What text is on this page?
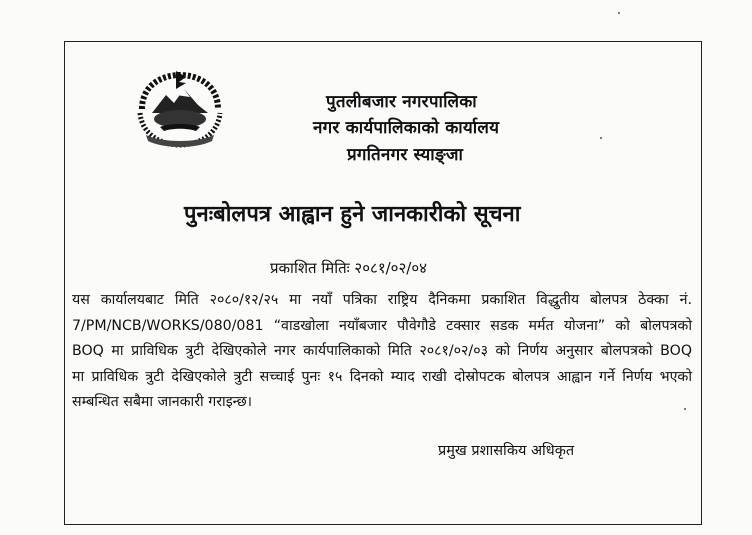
पुतलीबजार नगरपालिका
नगर कार्यपालिकाको कार्यालय
प्रगतिनगर स्याङ्जा
पुनःबोलपत्र आह्वान हुने जानकारीको सूचना
प्रकाशित मितिः २०८१/०२/०४
यस कार्यालयबाट मिति २०८०/१२/२५ मा नयाँ पत्रिका राष्ट्रिय दैनिकमा प्रकाशित विद्धुतीय बोलपत्र ठेक्का नं.
7/PM/NCB/WORKS/080/081 “वाडखोला नयाँबजार पौवेगौडे टक्सार सडक मर्मत योजना” को बोलपत्रको
BOQ मा प्राविधिक त्रुटी देखिएकोले नगर कार्यपालिकाको मिति २०८१/०२/०३ को निर्णय अनुसार बोलपत्रको BOQ
मा प्राविधिक त्रुटी देखिएकोले त्रुटी सच्चाई पुनः १५ दिनको म्याद राखी दोस्रोपटक बोलपत्र आह्वान गर्ने निर्णय भएको
सम्बन्धित सबैमा जानकारी गराइन्छ।
प्रमुख प्रशासकिय अधिकृत
